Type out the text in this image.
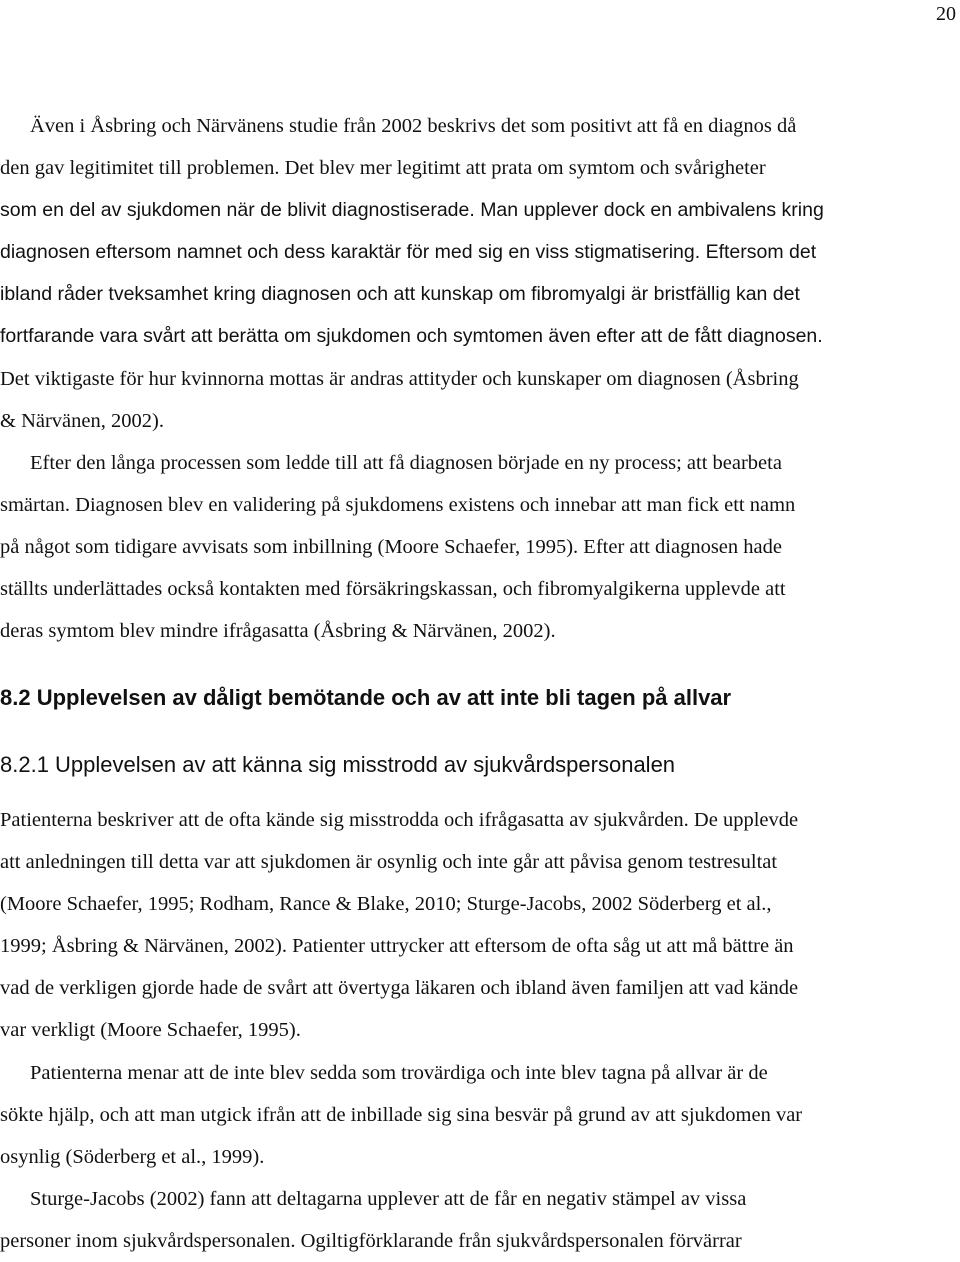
20

Även i Åsbring och Närvänens studie från 2002 beskrivs det som positivt att få en diagnos då
den gav legitimitet till problemen. Det blev mer legitimt att prata om symtom och svårigheter
som en del av sjukdomen när de blivit diagnostiserade. Man upplever dock en ambivalens kring
diagnosen eftersom namnet och dess karaktär för med sig en viss stigmatisering. Eftersom det
ibland råder tveksamhet kring diagnosen och att kunskap om fibromyalgi är bristfällig kan det
fortfarande vara svårt att berätta om sjukdomen och symtomen även efter att de fått diagnosen.
Det viktigaste för hur kvinnorna mottas är andras attityder och kunskaper om diagnosen (Åsbring
& Närvänen, 2002).

Efter den långa processen som ledde till att få diagnosen började en ny process; att bearbeta
smärtan. Diagnosen blev en validering på sjukdomens existens och innebar att man fick ett namn
på något som tidigare avvisats som inbillning (Moore Schaefer, 1995). Efter att diagnosen hade
ställts underlättades också kontakten med försäkringskassan, och fibromyalgikerna upplevde att
deras symtom blev mindre ifrågasatta (Åsbring & Närvänen, 2002).

8.2 Upplevelsen av dåligt bemötande och av att inte bli tagen på allvar
8.2.1 Upplevelsen av att känna sig misstrodd av sjukvårdspersonalen

Patienterna beskriver att de ofta kände sig misstrodda och ifrågasatta av sjukvården. De upplevde
att anledningen till detta var att sjukdomen är osynlig och inte går att påvisa genom testresultat
(Moore Schaefer, 1995; Rodham, Rance & Blake, 2010; Sturge-Jacobs, 2002 Söderberg et al.,
1999; Åsbring & Närvänen, 2002). Patienter uttrycker att eftersom de ofta såg ut att må bättre än
vad de verkligen gjorde hade de svårt att övertyga läkaren och ibland även familjen att vad kände
var verkligt (Moore Schaefer, 1995).

Patienterna menar att de inte blev sedda som trovärdiga och inte blev tagna på allvar är de
sökte hjälp, och att man utgick ifrån att de inbillade sig sina besvär på grund av att sjukdomen var
osynlig (Söderberg et al., 1999).

Sturge-Jacobs (2002) fann att deltagarna upplever att de får en negativ stämpel av vissa
personer inom sjukvårdspersonalen. Ogiltigförklarande från sjukvårdspersonalen förvärrar
